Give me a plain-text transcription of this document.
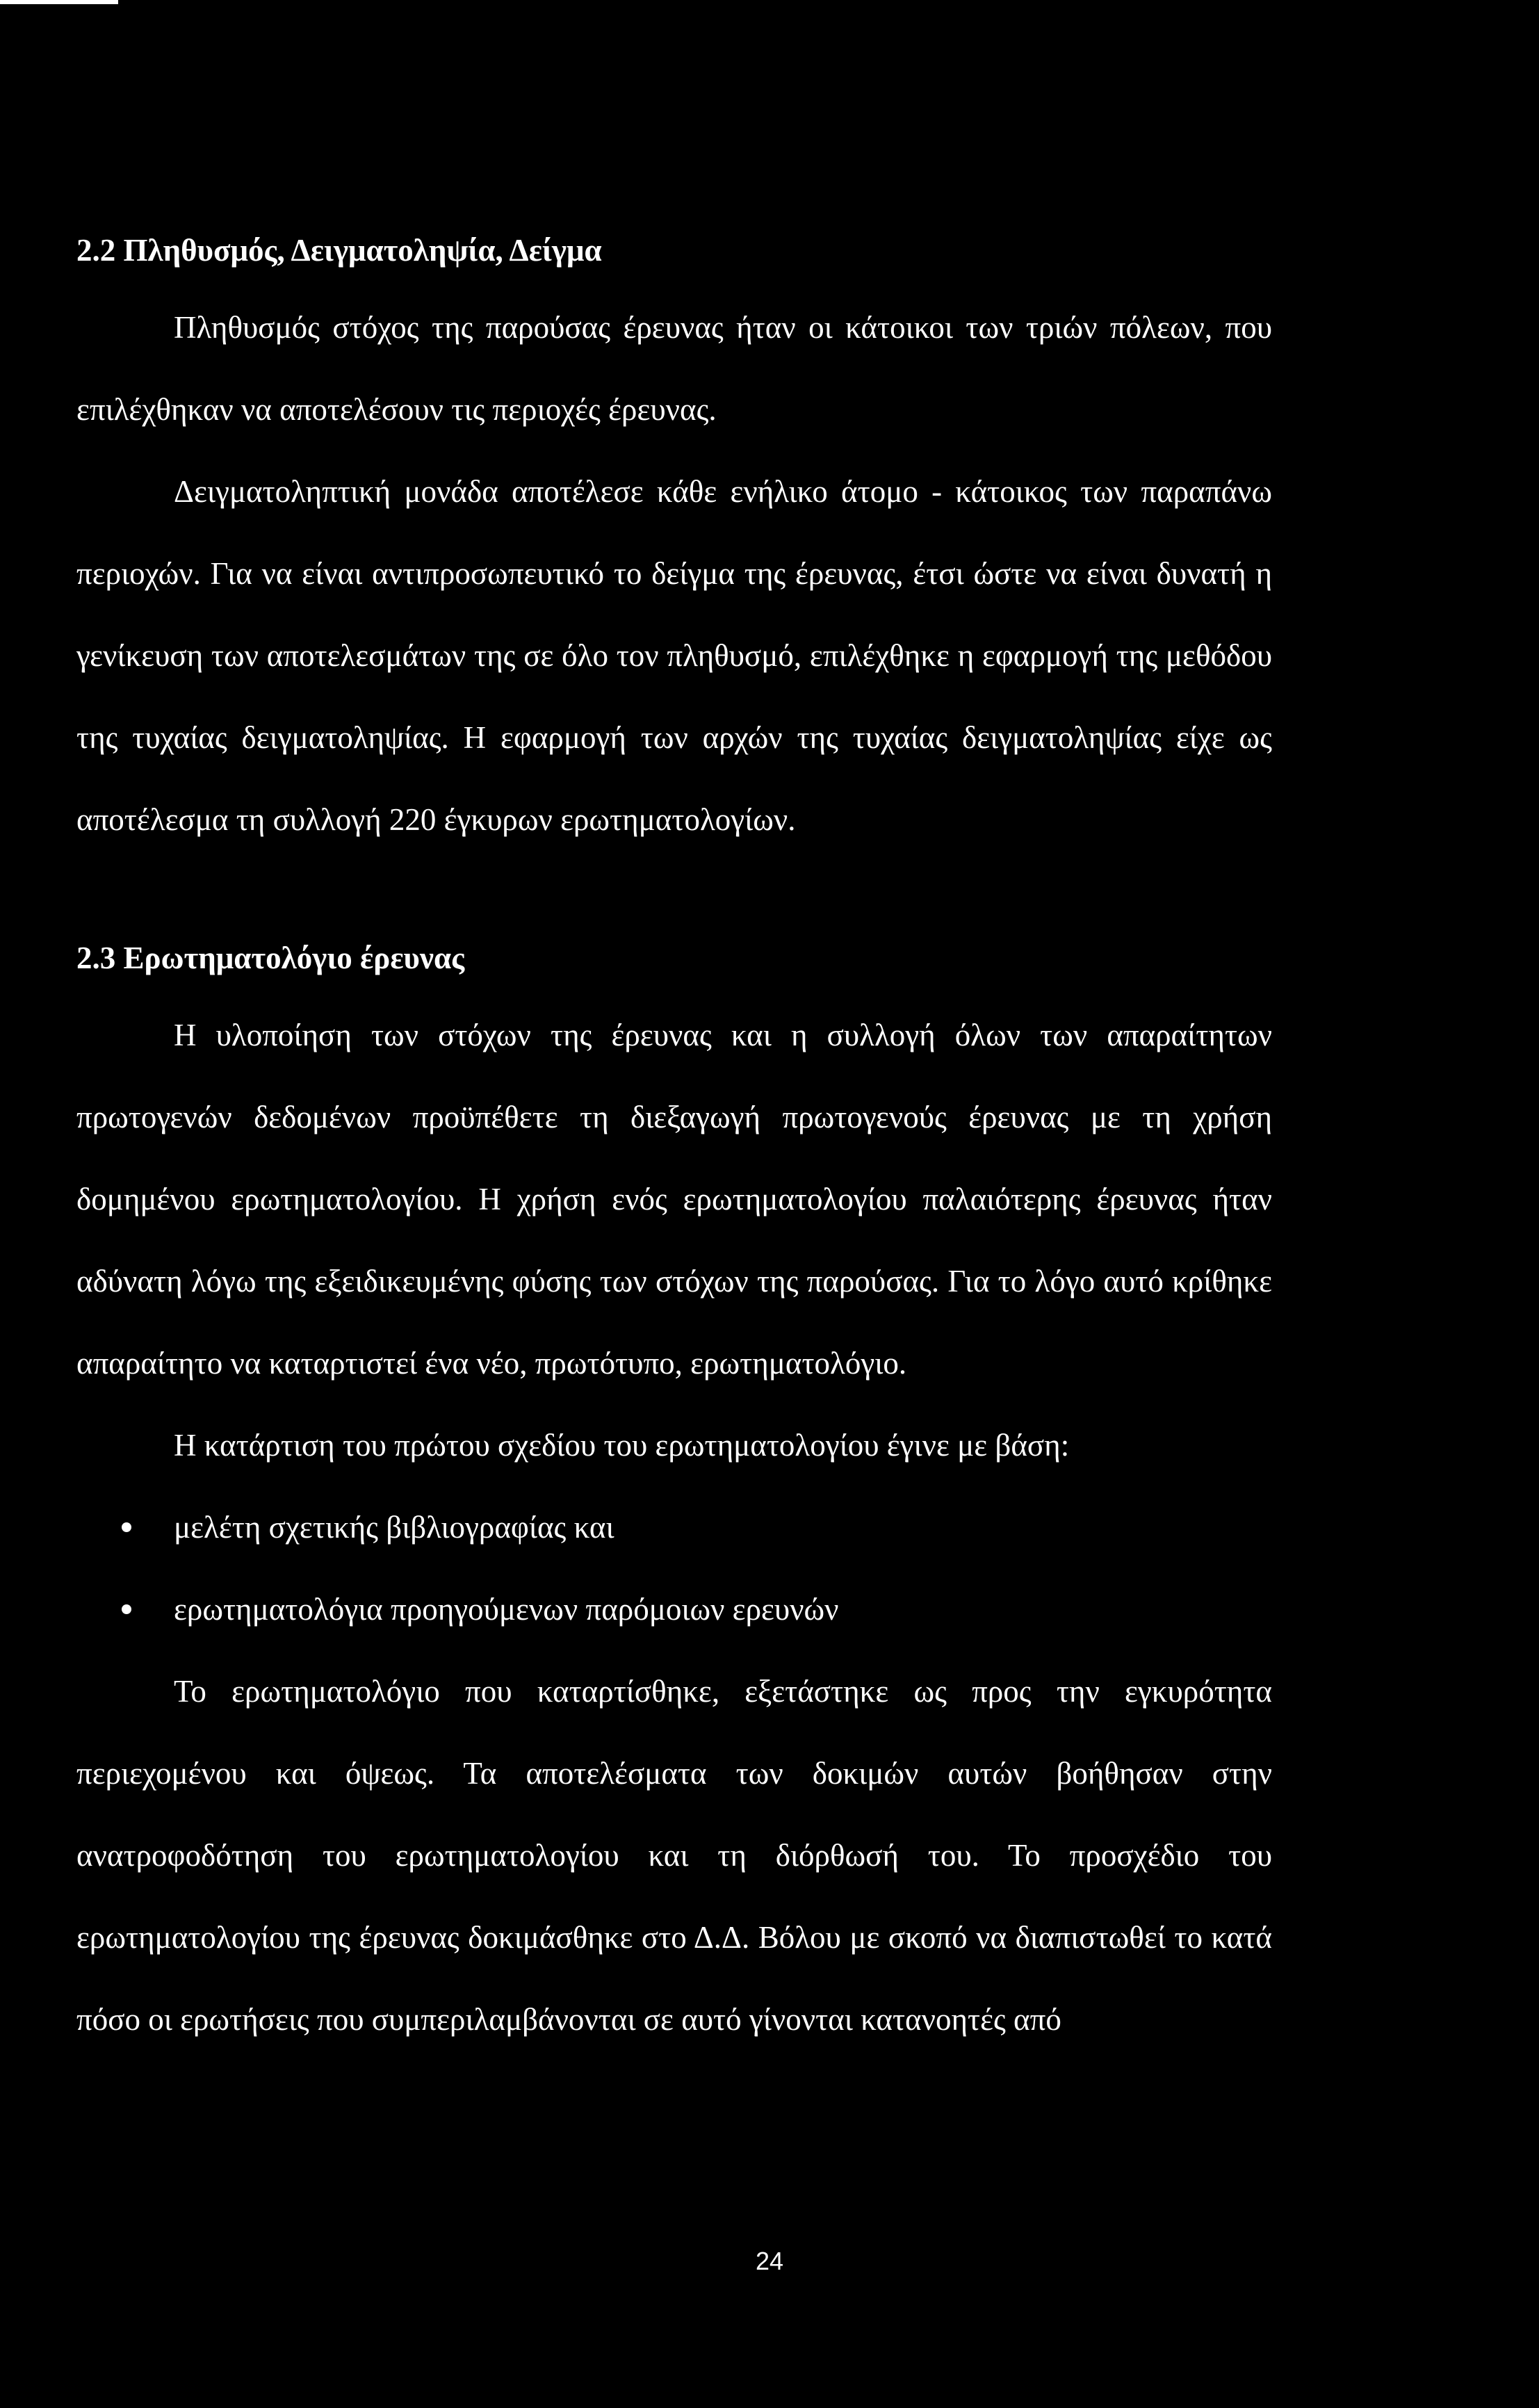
2.2 Πληθυσμός, Δειγματοληψία, Δείγμα

Πληθυσμός στόχος της παρούσας έρευνας ήταν οι κάτοικοι των τριών πόλεων, που επιλέχθηκαν να αποτελέσουν τις περιοχές έρευνας.

Δειγματοληπτική μονάδα αποτέλεσε κάθε ενήλικο άτομο - κάτοικος των παραπάνω περιοχών. Για να είναι αντιπροσωπευτικό το δείγμα της έρευνας, έτσι ώστε να είναι δυνατή η γενίκευση των αποτελεσμάτων της σε όλο τον πληθυσμό, επιλέχθηκε η εφαρμογή της μεθόδου της τυχαίας δειγματοληψίας. Η εφαρμογή των αρχών της τυχαίας δειγματοληψίας είχε ως αποτέλεσμα τη συλλογή 220 έγκυρων ερωτηματολογίων.

2.3 Ερωτηματολόγιο έρευνας

Η υλοποίηση των στόχων της έρευνας και η συλλογή όλων των απαραίτητων πρωτογενών δεδομένων προϋπέθετε τη διεξαγωγή πρωτογενούς έρευνας με τη χρήση δομημένου ερωτηματολογίου. Η χρήση ενός ερωτηματολογίου παλαιότερης έρευνας ήταν αδύνατη λόγω της εξειδικευμένης φύσης των στόχων της παρούσας. Για το λόγο αυτό κρίθηκε απαραίτητο να καταρτιστεί ένα νέο, πρωτότυπο, ερωτηματολόγιο.

Η κατάρτιση του πρώτου σχεδίου του ερωτηματολογίου έγινε με βάση:

μελέτη σχετικής βιβλιογραφίας και
ερωτηματολόγια προηγούμενων παρόμοιων ερευνών

Το ερωτηματολόγιο που καταρτίσθηκε, εξετάστηκε ως προς την εγκυρότητα περιεχομένου και όψεως. Τα αποτελέσματα των δοκιμών αυτών βοήθησαν στην ανατροφοδότηση του ερωτηματολογίου και τη διόρθωσή του. Το προσχέδιο του ερωτηματολογίου της έρευνας δοκιμάσθηκε στο Δ.Δ. Βόλου με σκοπό να διαπιστωθεί το κατά πόσο οι ερωτήσεις που συμπεριλαμβάνονται σε αυτό γίνονται κατανοητές από

24
